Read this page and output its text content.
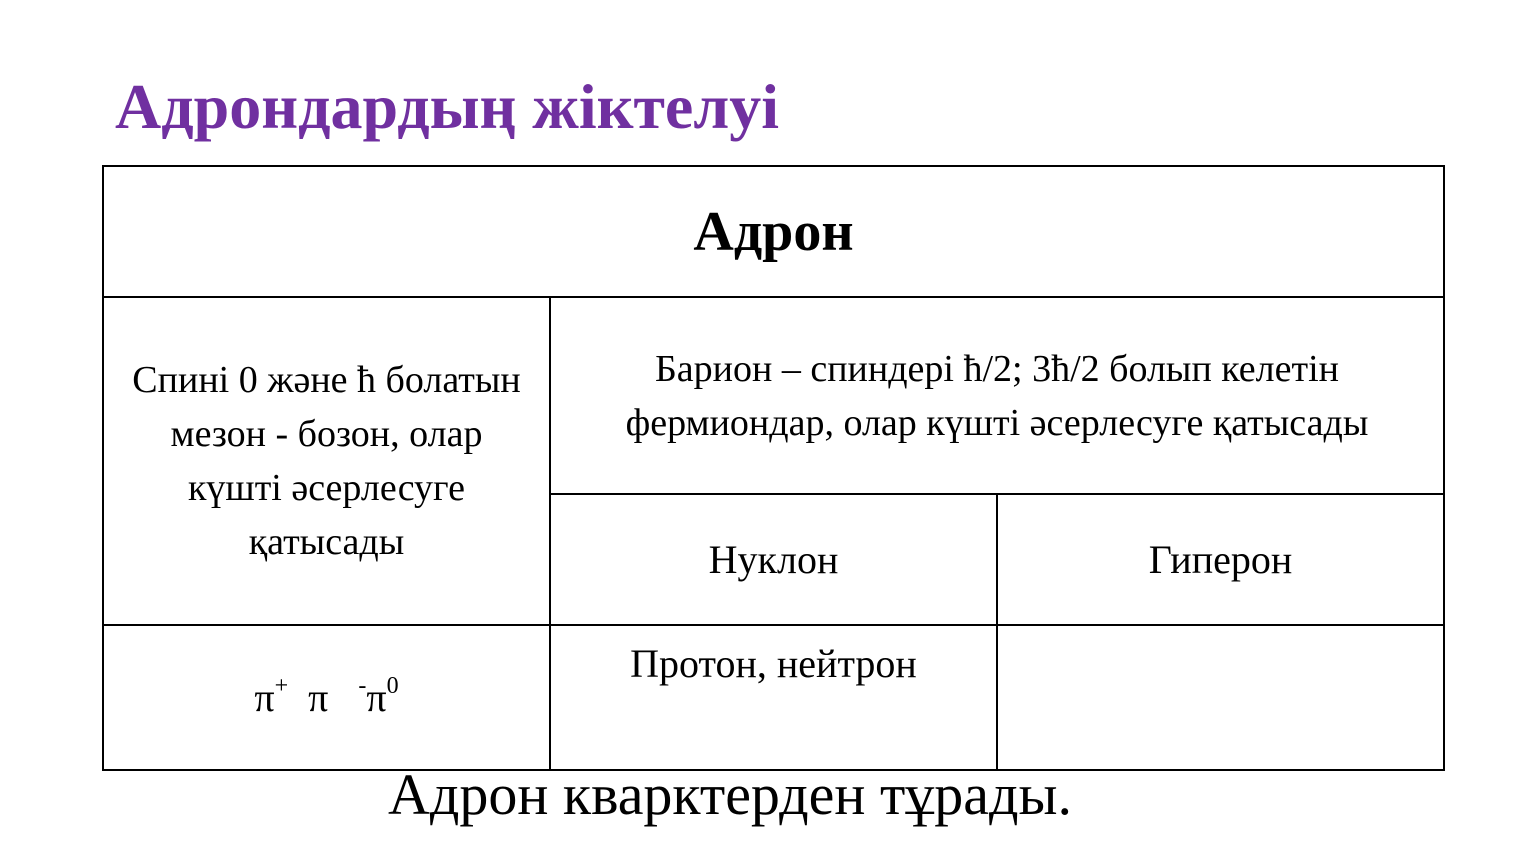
Адрондардың жіктелуі
Адрон		
Спині 0 және ħ болатын мезон - бозон, олар күшті әсерлесуге қатысады	Барион – спиндері ħ/2; 3ħ/2 болып келетін фермиондар, олар күшті әсерлесуге қатысады	
	Нуклон	Гиперон
π+ π $^-\pi^0$	Протон, нейтрон	
Адрон кварктерден тұрады.
